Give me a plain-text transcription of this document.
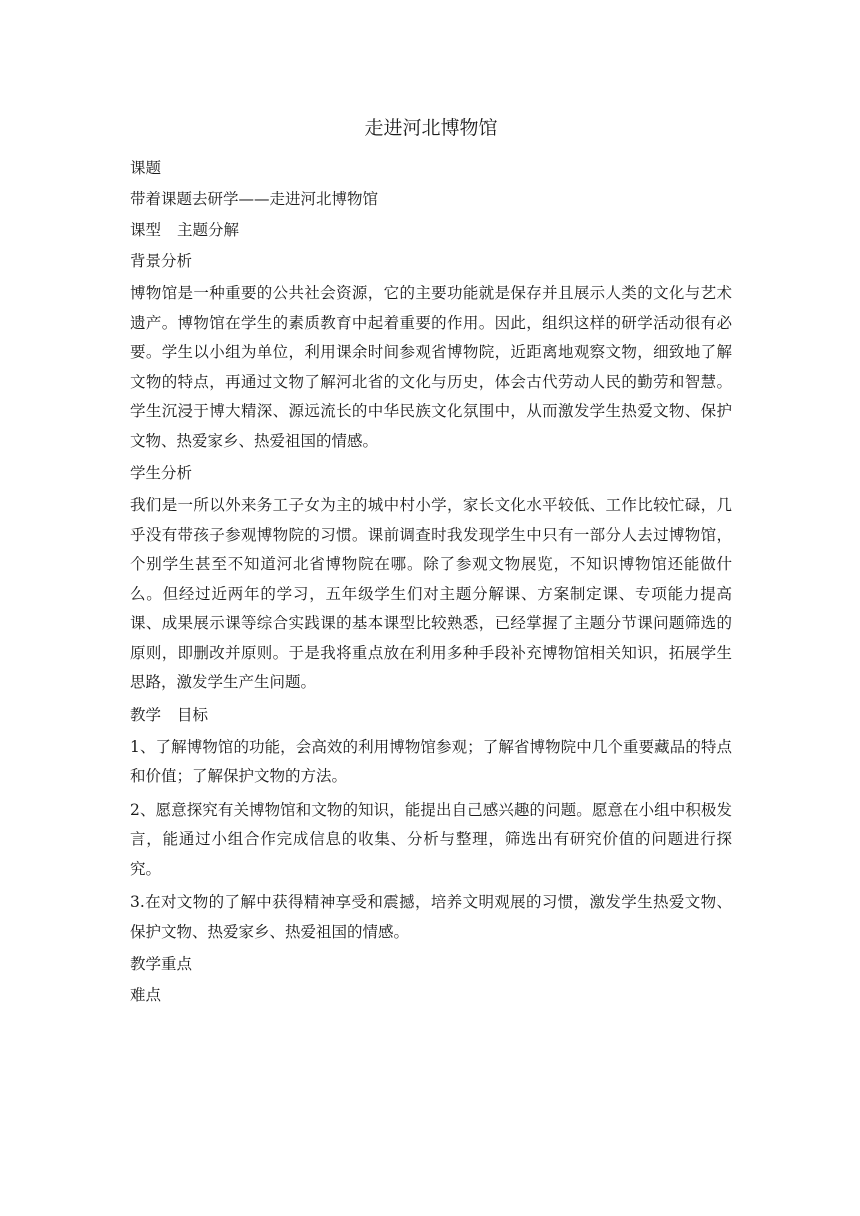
走进河北博物馆

课题

带着课题去研学——走进河北博物馆

课型 主题分解

背景分析

博物馆是一种重要的公共社会资源，它的主要功能就是保存并且展示人类的文化与艺术遗产。博物馆在学生的素质教育中起着重要的作用。因此，组织这样的研学活动很有必要。学生以小组为单位，利用课余时间参观省博物院，近距离地观察文物，细致地了解文物的特点，再通过文物了解河北省的文化与历史，体会古代劳动人民的勤劳和智慧。学生沉浸于博大精深、源远流长的中华民族文化氛围中，从而激发学生热爱文物、保护文物、热爱家乡、热爱祖国的情感。

学生分析

我们是一所以外来务工子女为主的城中村小学，家长文化水平较低、工作比较忙碌，几乎没有带孩子参观博物院的习惯。课前调查时我发现学生中只有一部分人去过博物馆，个别学生甚至不知道河北省博物院在哪。除了参观文物展览，不知识博物馆还能做什么。但经过近两年的学习，五年级学生们对主题分解课、方案制定课、专项能力提高课、成果展示课等综合实践课的基本课型比较熟悉，已经掌握了主题分节课问题筛选的原则，即删改并原则。于是我将重点放在利用多种手段补充博物馆相关知识，拓展学生思路，激发学生产生问题。

教学 目标

1、了解博物馆的功能，会高效的利用博物馆参观；了解省博物院中几个重要藏品的特点和价值；了解保护文物的方法。

2、愿意探究有关博物馆和文物的知识，能提出自己感兴趣的问题。愿意在小组中积极发言，能通过小组合作完成信息的收集、分析与整理，筛选出有研究价值的问题进行探究。

3.在对文物的了解中获得精神享受和震撼，培养文明观展的习惯，激发学生热爱文物、保护文物、热爱家乡、热爱祖国的情感。

教学重点

难点
